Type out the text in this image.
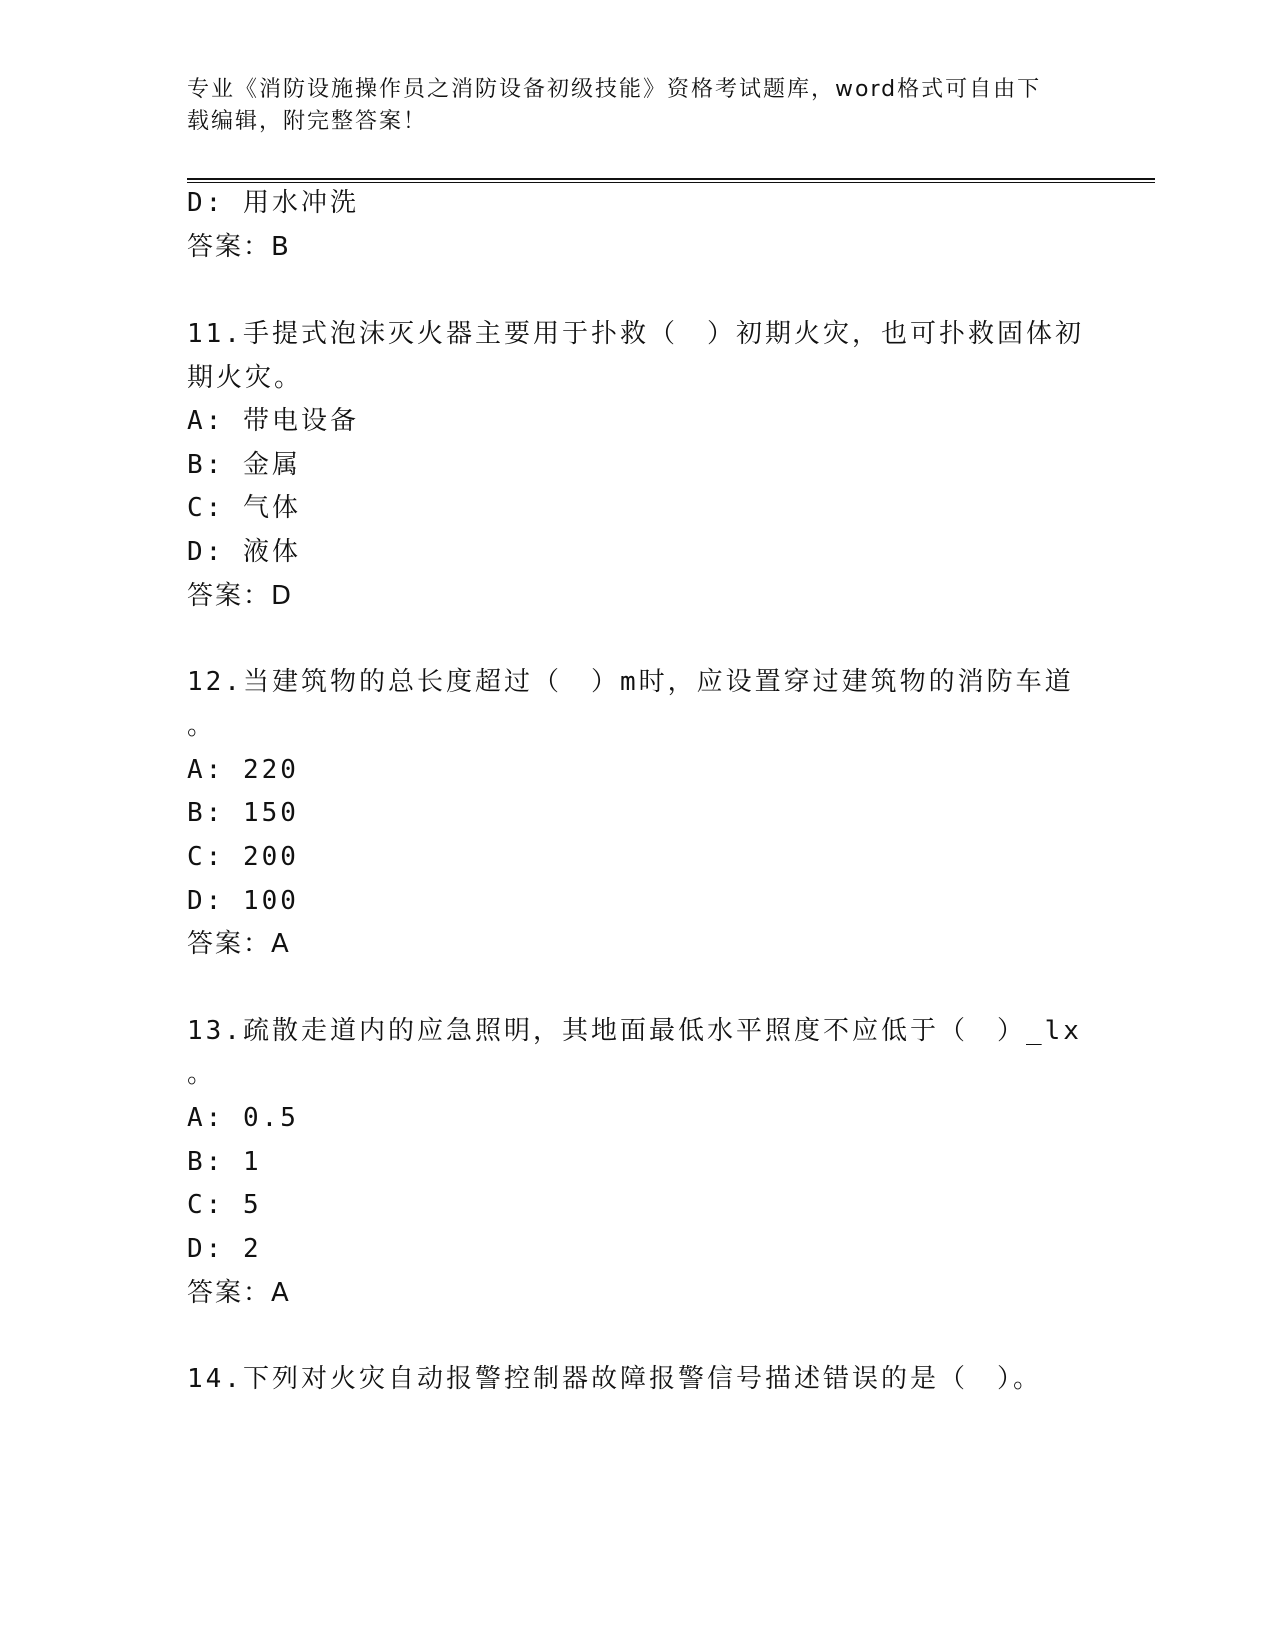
专业《消防设施操作员之消防设备初级技能》资格考试题库，word格式可自由下
载编辑，附完整答案！
D: 用水冲洗
答案：B
11.手提式泡沫灭火器主要用于扑救（　）初期火灾，也可扑救固体初
期火灾。
A: 带电设备
B: 金属
C: 气体
D: 液体
答案：D
12.当建筑物的总长度超过（　）m时，应设置穿过建筑物的消防车道
。
A: 220
B: 150
C: 200
D: 100
答案：A
13.疏散走道内的应急照明，其地面最低水平照度不应低于（　）_lx
。
A: 0.5
B: 1
C: 5
D: 2
答案：A
14.下列对火灾自动报警控制器故障报警信号描述错误的是（　）。
